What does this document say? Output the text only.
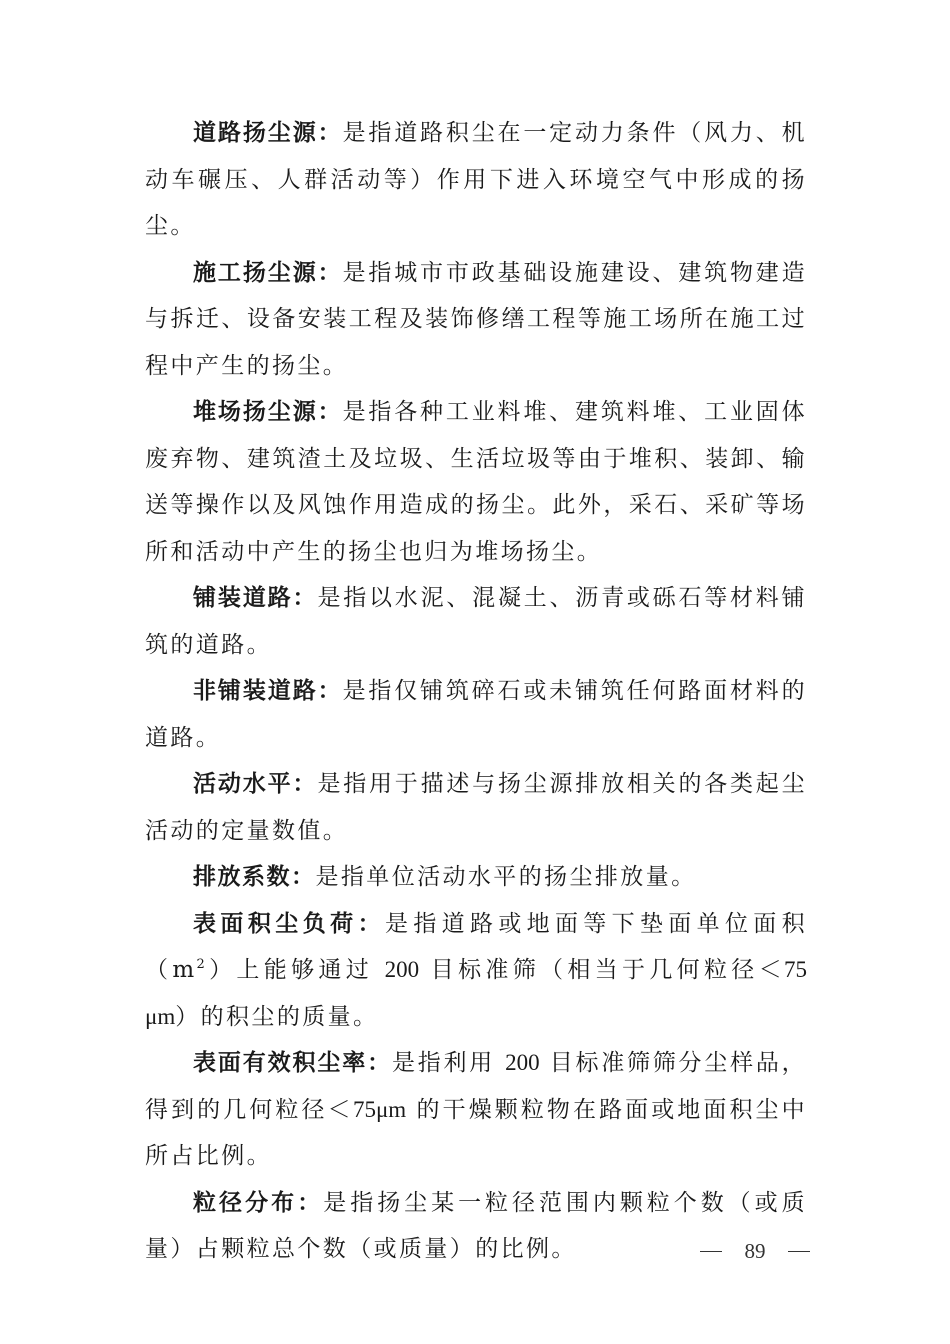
道路扬尘源：是指道路积尘在一定动力条件（风力、机动车碾压、人群活动等）作用下进入环境空气中形成的扬尘。

施工扬尘源：是指城市市政基础设施建设、建筑物建造与拆迁、设备安装工程及装饰修缮工程等施工场所在施工过程中产生的扬尘。

堆场扬尘源：是指各种工业料堆、建筑料堆、工业固体废弃物、建筑渣土及垃圾、生活垃圾等由于堆积、装卸、输送等操作以及风蚀作用造成的扬尘。此外，采石、采矿等场所和活动中产生的扬尘也归为堆场扬尘。

铺装道路：是指以水泥、混凝土、沥青或砾石等材料铺筑的道路。

非铺装道路：是指仅铺筑碎石或未铺筑任何路面材料的道路。

活动水平：是指用于描述与扬尘源排放相关的各类起尘活动的定量数值。

排放系数：是指单位活动水平的扬尘排放量。

表面积尘负荷：是指道路或地面等下垫面单位面积$(m^2)$上能够通过 200 目标准筛（相当于几何粒径＜75 μm）的积尘的质量。

表面有效积尘率：是指利用 200 目标准筛筛分尘样品，得到的几何粒径＜75μm 的干燥颗粒物在路面或地面积尘中所占比例。

粒径分布：是指扬尘某一粒径范围内颗粒个数（或质量）占颗粒总个数（或质量）的比例。	89
